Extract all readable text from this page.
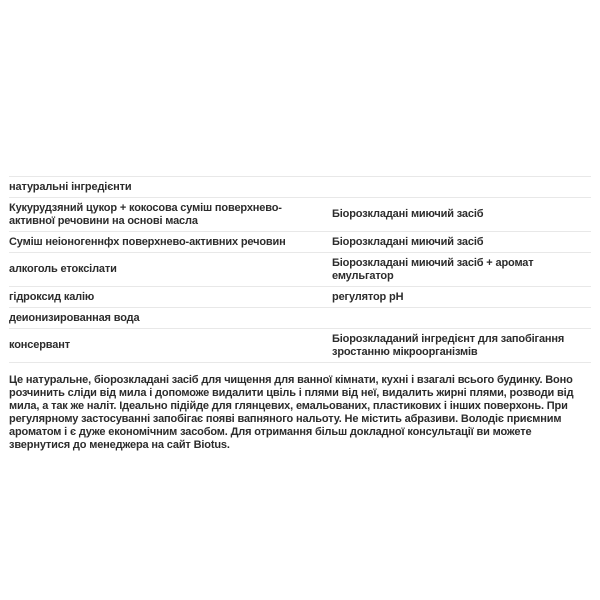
натуральні інгредієнти
Кукурудзяний цукор + кокосова суміш поверхнево-активної речовини на основі масла
Біорозкладані миючий засіб
Суміш неіоногеннфх поверхнево-активних речовин	Біорозкладані миючий засіб
алкоголь етоксілати
Біорозкладані миючий засіб + аромат емульгатор
гідроксид калію	регулятор pH
деионизированная вода
консервант
Біорозкладаний інгредієнт для запобігання зростанню мікроорганізмів

Це натуральне, біорозкладані засіб для чищення для ванної кімнати, кухні і взагалі всього будинку. Воно розчинить сліди від мила і допоможе видалити цвіль і плями від неї, видалить жирні плями, розводи від мила, а так же наліт. Ідеально підійде для глянцевих, емальованих, пластикових і інших поверхонь. При регулярному застосуванні запобігає появі вапняного нальоту. Не містить абразиви. Володіє приємним ароматом і є дуже економічним засобом. Для отримання більш докладної консультації ви можете звернутися до менеджера на сайт Biotus.
